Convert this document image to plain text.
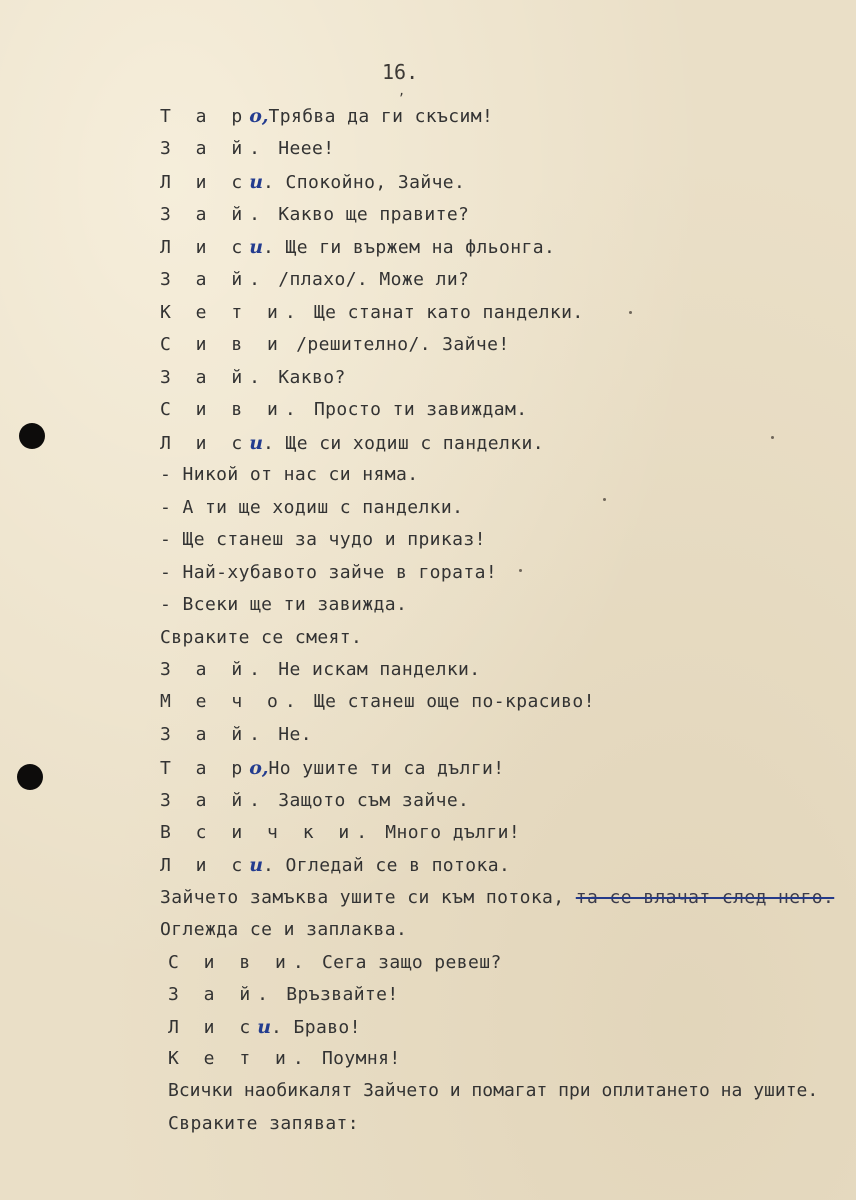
16.
,
Т а ро,Трябва да ги скъсим!
З а й. Неее!
Л и си. Спокойно, Зайче.
З а й. Какво ще правите?
Л и си. Ще ги вържем на фльонга.
З а й. /плахо/. Може ли?
К е т и. Ще станат като панделки.
С и в и /решително/. Зайче!
З а й. Какво?
С и в и. Просто ти завиждам.
Л и си. Ще си ходиш с панделки.
- Никой от нас си няма.
- А ти ще ходиш с панделки.
- Ще станеш за чудо и приказ!
- Най-хубавото зайче в гората!
- Всеки ще ти завижда.
Свраките се смеят.
З а й. Не искам панделки.
М е ч о. Ще станеш още по-красиво!
З а й. Не.
Т а ро,Но ушите ти са дълги!
З а й. Защото съм зайче.
В с и ч к и. Много дълги!
Л и си. Огледай се в потока.
Зайчето замъква ушите си към потока, та се влачат след него.
Оглежда се и заплаква.
С и в и. Сега защо ревеш?
З а й. Връзвайте!
Л и си. Браво!
К е т и. Поумня!
Всички наобикалят Зайчето и помагат при оплитането на ушите.
Свраките запяват:
